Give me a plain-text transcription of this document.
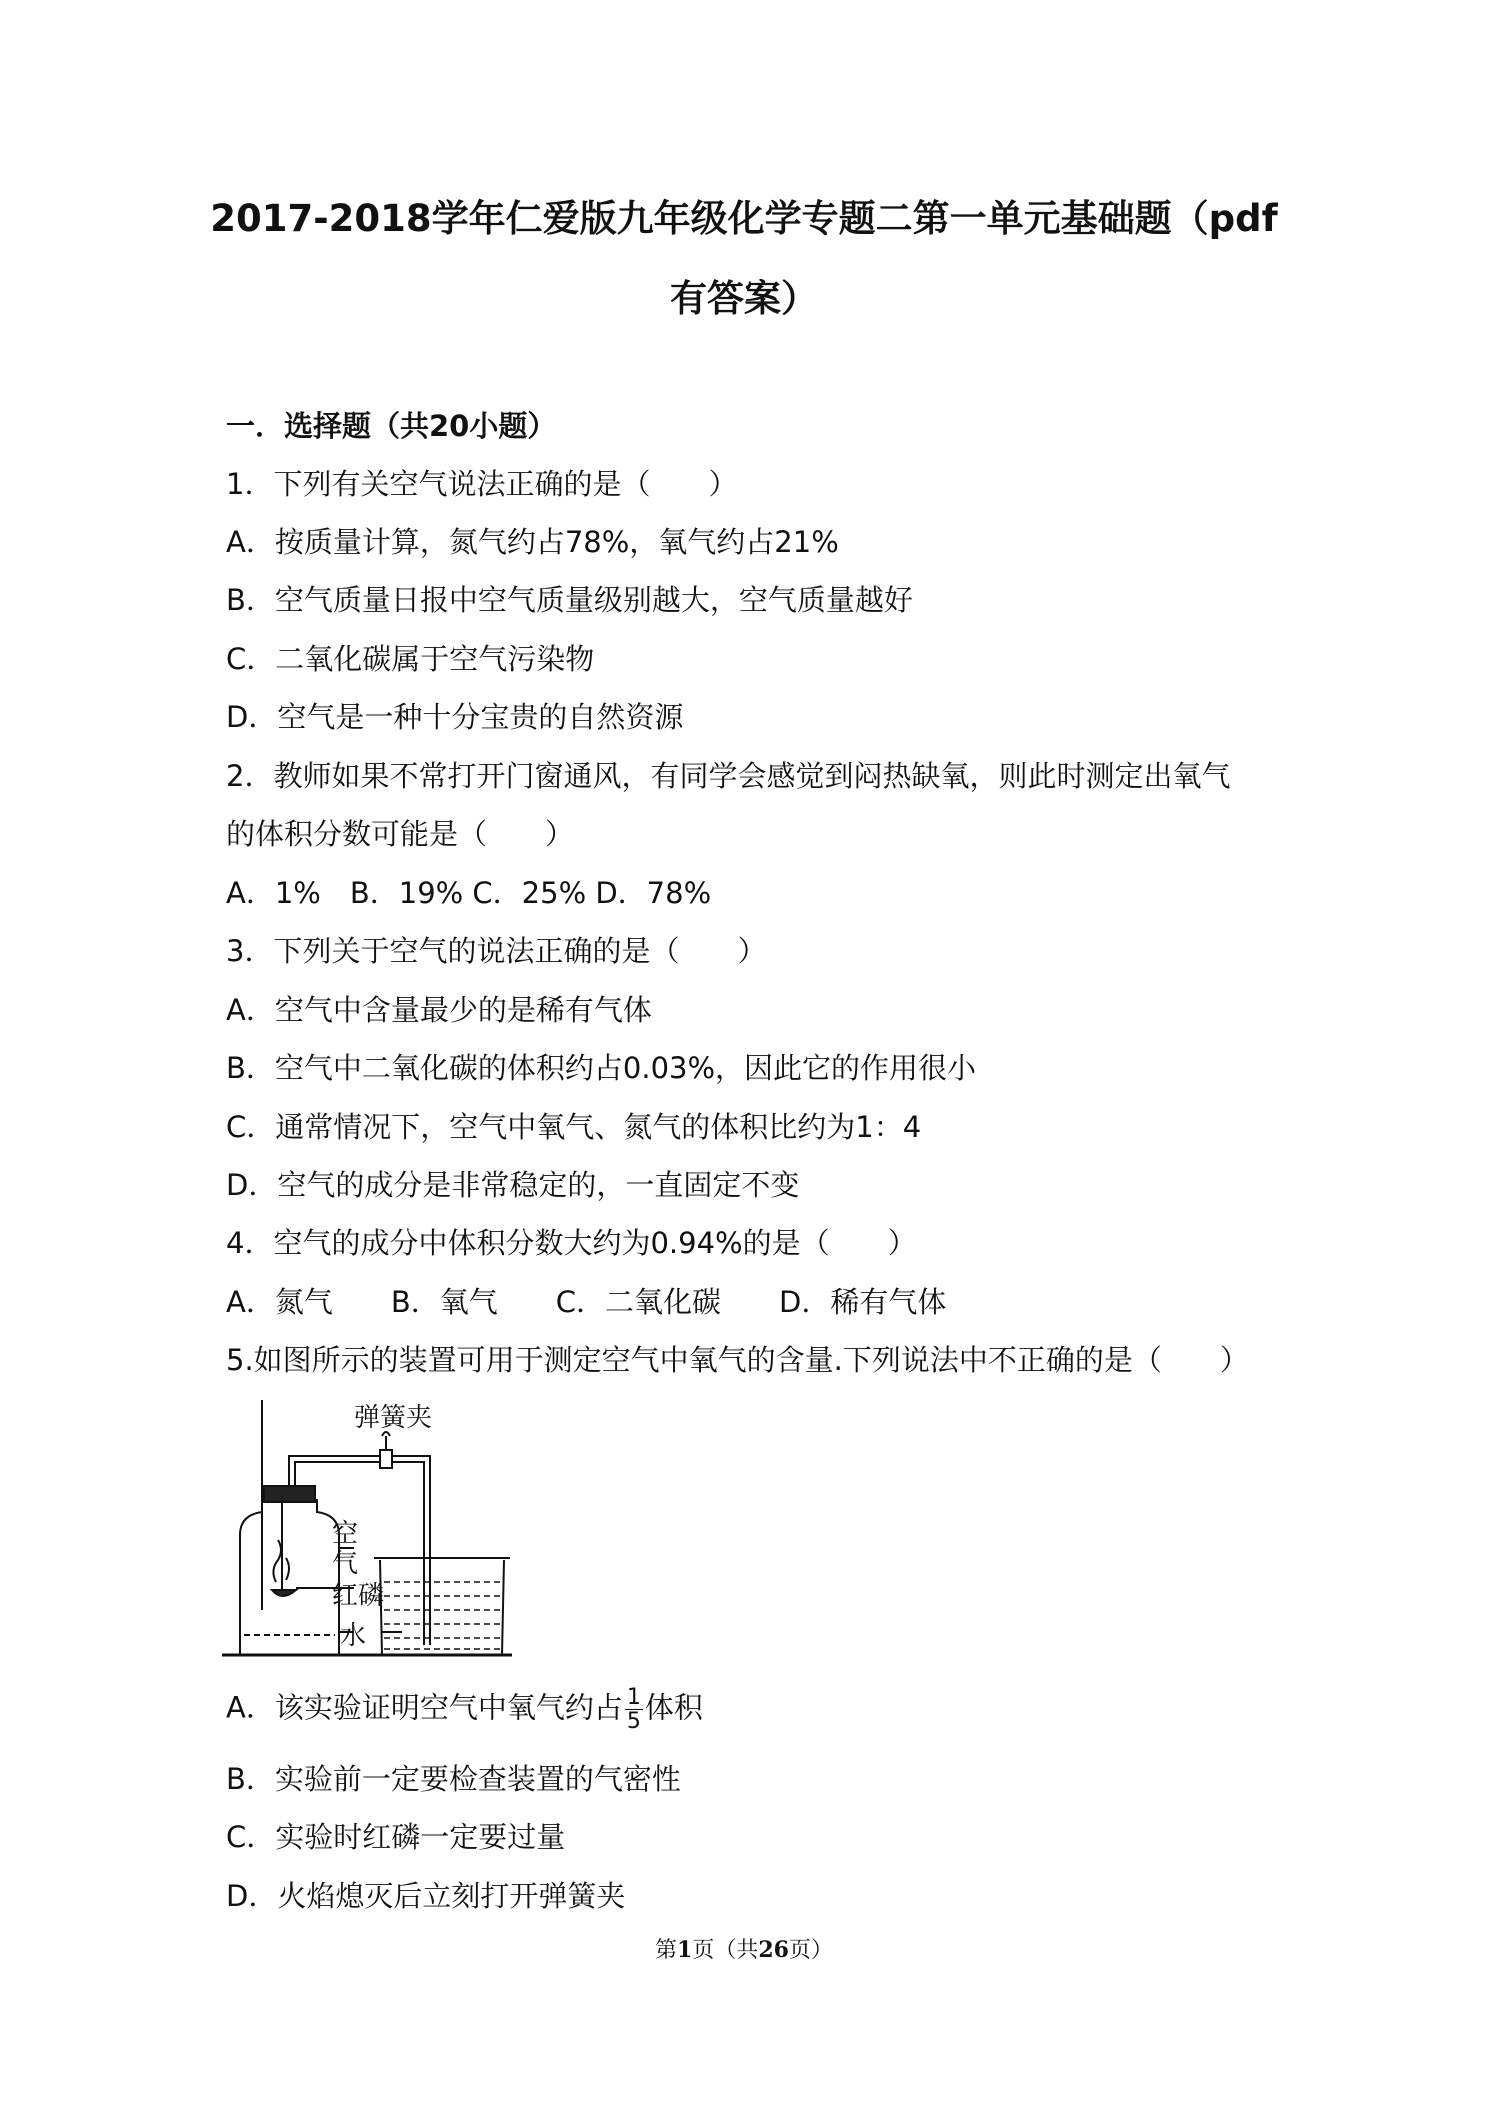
2017-2018学年仁爱版九年级化学专题二第一单元基础题（pdf
有答案）
一．选择题（共20小题）
1．下列有关空气说法正确的是（　　）
A．按质量计算，氮气约占78%，氧气约占21%
B．空气质量日报中空气质量级别越大，空气质量越好
C．二氧化碳属于空气污染物
D．空气是一种十分宝贵的自然资源
2．教师如果不常打开门窗通风，有同学会感觉到闷热缺氧，则此时测定出氧气
的体积分数可能是（　　）
A．1%　B．19% C．25% D．78%
3．下列关于空气的说法正确的是（　　）
A．空气中含量最少的是稀有气体
B．空气中二氧化碳的体积约占0.03%，因此它的作用很小
C．通常情况下，空气中氧气、氮气的体积比约为1：4
D．空气的成分是非常稳定的，一直固定不变
4．空气的成分中体积分数大约为0.94%的是（　　）
A．氮气　　B．氧气　　C．二氧化碳　　D．稀有气体
5.如图所示的装置可用于测定空气中氧气的含量.下列说法中不正确的是（　　）
弹簧夹
空
气
红磷
水
A．该实验证明空气中氧气约占 $\frac{1}{5}$ 体积
B．实验前一定要检查装置的气密性
C．实验时红磷一定要过量
D．火焰熄灭后立刻打开弹簧夹
第1页（共26页）
